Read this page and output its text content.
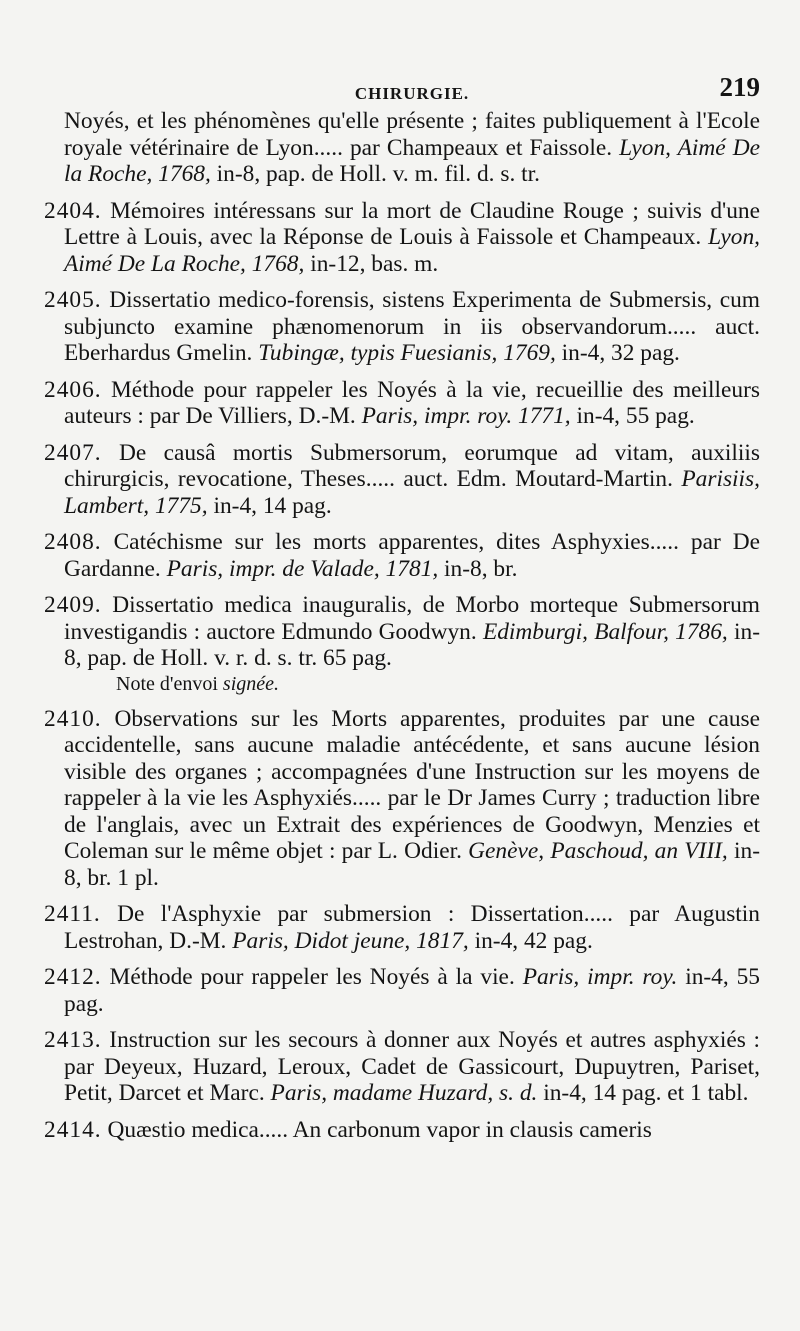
CHIRURGIE.	219

Noyés, et les phénomènes qu'elle présente ; faites publiquement à l'Ecole royale vétérinaire de Lyon..... par Champeaux et Faissole. Lyon, Aimé De la Roche, 1768, in-8, pap. de Holl. v. m. fil. d. s. tr.

2404. Mémoires intéressans sur la mort de Claudine Rouge ; suivis d'une Lettre à Louis, avec la Réponse de Louis à Faissole et Champeaux. Lyon, Aimé De La Roche, 1768, in-12, bas. m.

2405. Dissertatio medico-forensis, sistens Experimenta de Submersis, cum subjuncto examine phænomenorum in iis observandorum..... auct. Eberhardus Gmelin. Tubingæ, typis Fuesianis, 1769, in-4, 32 pag.

2406. Méthode pour rappeler les Noyés à la vie, recueillie des meilleurs auteurs : par De Villiers, D.-M. Paris, impr. roy. 1771, in-4, 55 pag.

2407. De causâ mortis Submersorum, eorumque ad vitam, auxiliis chirurgicis, revocatione, Theses..... auct. Edm. Moutard-Martin. Parisiis, Lambert, 1775, in-4, 14 pag.

2408. Catéchisme sur les morts apparentes, dites Asphyxies..... par De Gardanne. Paris, impr. de Valade, 1781, in-8, br.

2409. Dissertatio medica inauguralis, de Morbo morteque Submersorum investigandis : auctore Edmundo Goodwyn. Edimburgi, Balfour, 1786, in-8, pap. de Holl. v. r. d. s. tr. 65 pag.
Note d'envoi signée.

2410. Observations sur les Morts apparentes, produites par une cause accidentelle, sans aucune maladie antécédente, et sans aucune lésion visible des organes ; accompagnées d'une Instruction sur les moyens de rappeler à la vie les Asphyxiés..... par le Dr James Curry ; traduction libre de l'anglais, avec un Extrait des expériences de Goodwyn, Menzies et Coleman sur le même objet : par L. Odier. Genève, Paschoud, an VIII, in-8, br. 1 pl.

2411. De l'Asphyxie par submersion : Dissertation..... par Augustin Lestrohan, D.-M. Paris, Didot jeune, 1817, in-4, 42 pag.

2412. Méthode pour rappeler les Noyés à la vie. Paris, impr. roy. in-4, 55 pag.

2413. Instruction sur les secours à donner aux Noyés et autres asphyxiés : par Deyeux, Huzard, Leroux, Cadet de Gassicourt, Dupuytren, Pariset, Petit, Darcet et Marc. Paris, madame Huzard, s. d. in-4, 14 pag. et 1 tabl.

2414. Quæstio medica..... An carbonum vapor in clausis cameris
